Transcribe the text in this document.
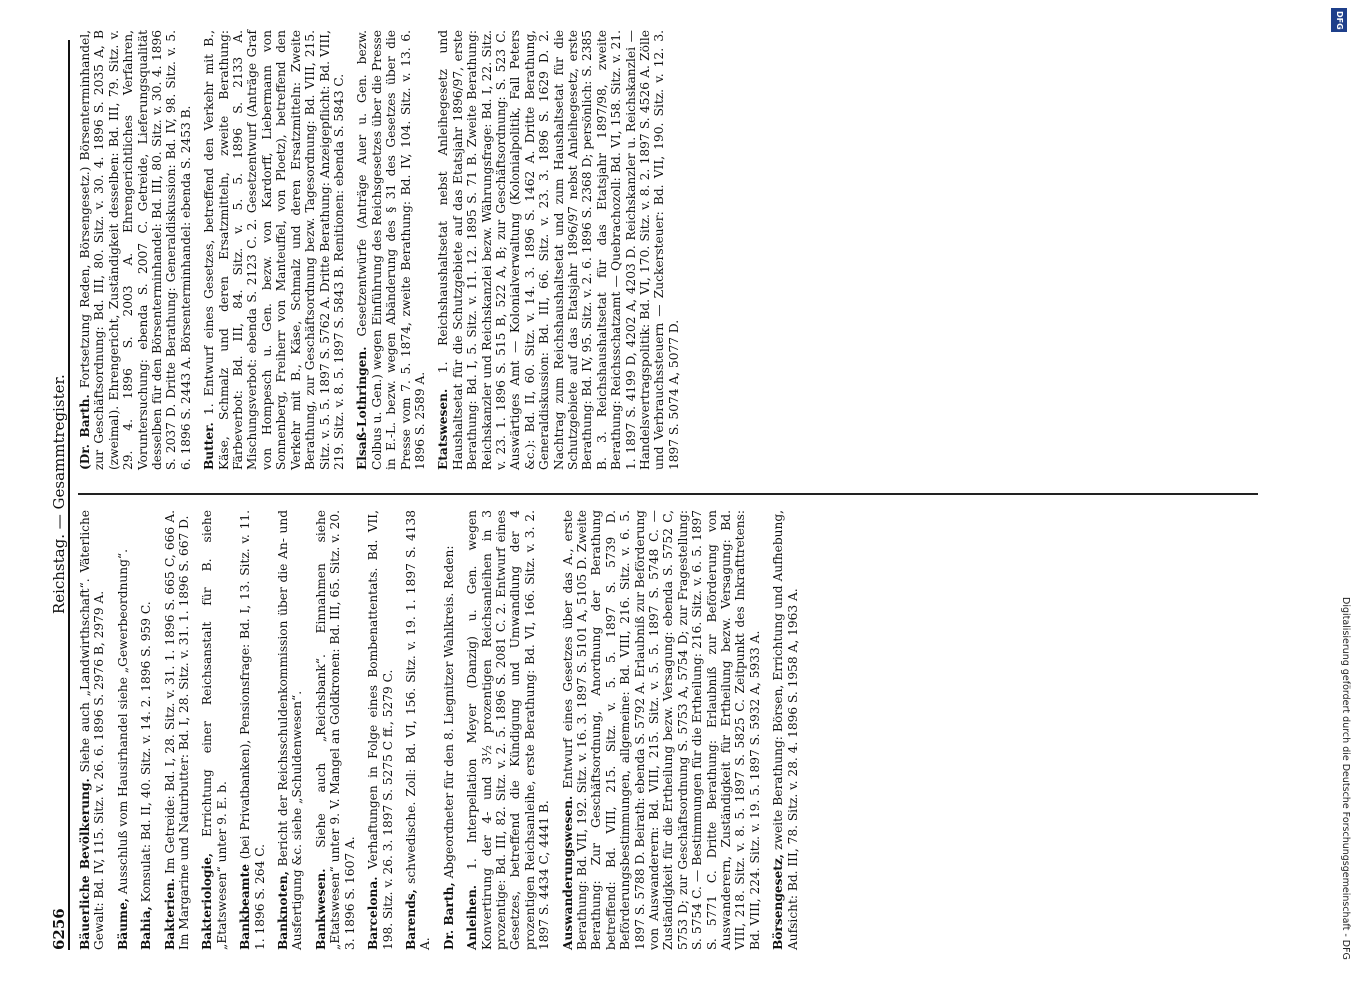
DFG
Digitalisierung gefördert durch die Deutsche Forschungsgemeinschaft - DFG
6256
Reichstag. — Gesammtregister.
Bäuerliche Bevölkerung. Siehe auch „Landwirthschaft“. Väterliche Gewalt: Bd. IV, 115. Sitz. v. 26. 6. 1896 S. 2976 B, 2979 A. Bäume, Ausschluß vom Hausirhandel siehe „Gewerbeordnung“.
Bahia, Konsulat: Bd. II, 40. Sitz. v. 14. 2. 1896 S. 959 C.
Bakterien. Im Getreide: Bd. I, 28. Sitz. v. 31. 1. 1896 S. 665 C, 666 A. Im Margarine und Naturbutter: Bd. I, 28. Sitz. v. 31. 1. 1896 S. 667 D. Bakteriologie, Errichtung einer Reichsanstalt für B. siehe „Etatswesen“ unter 9. E. b. Bankbeamte (bei Privatbanken), Pensionsfrage: Bd. I, 13. Sitz. v. 11. 1. 1896 S. 264 C. Banknoten, Bericht der Reichsschuldenkommission über die An- und Ausfertigung &c. siehe „Schuldenwesen“. Bankwesen. Siehe auch „Reichsbank“. Einnahmen siehe „Etatswesen“ unter 9. V. Mangel an Goldkronen: Bd. III, 65. Sitz. v. 20. 3. 1896 S. 1607 A. Barcelona. Verhaftungen in Folge eines Bombenattentats. Bd. VII, 198. Sitz. v. 26. 3. 1897 S. 5275 C ff., 5279 C. Barends, schwedische. Zoll: Bd. VI, 156. Sitz. v. 19. 1. 1897 S. 4138 A. Dr. Barth, Abgeordneter für den 8. Liegnitzer Wahlkreis. Reden:
Anleihen. 1. Interpellation Meyer (Danzig) u. Gen. wegen Konvertirung der 4- und 3½ prozentigen Reichsanleihen in 3 prozentige: Bd. III, 82. Sitz. v. 2. 5. 1896 S. 2081 C. 2. Entwurf eines Gesetzes, betreffend die Kündigung und Umwandlung der 4 prozentigen Reichsanleihe, erste Berathung: Bd. VI, 166. Sitz. v. 3. 2. 1897 S. 4434 C, 4441 B. Auswanderungswesen. Entwurf eines Gesetzes über das A., erste Berathung: Bd. VII, 192. Sitz. v. 16. 3. 1897 S. 5101 A, 5105 D. Zweite Berathung: Zur Geschäftsordnung, Anordnung der Berathung betreffend: Bd. VIII, 215. Sitz. v. 5. 5. 1897 S. 5739 D. Beförderungsbestimmungen, allgemeine: Bd. VIII, 216. Sitz. v. 6. 5. 1897 S. 5788 D. Beirath: ebenda S. 5792 A. Erlaubniß zur Beförderung von Auswanderern: Bd. VIII, 215. Sitz. v. 5. 5. 1897 S. 5748 C. — Zuständigkeit für die Ertheilung bezw. Versagung: ebenda S. 5752 C, 5753 D; zur Geschäftsordnung S. 5753 A, 5754 D; zur Fragestellung: S. 5754 C. — Bestimmungen für die Ertheilung: 216. Sitz. v. 6. 5. 1897 S. 5771 C. Dritte Berathung: Erlaubniß zur Beförderung von Auswanderern, Zuständigkeit für Ertheilung bezw. Versagung: Bd. VIII, 218. Sitz. v. 8. 5. 1897 S. 5825 C. Zeitpunkt des Inkrafttretens: Bd. VIII, 224. Sitz. v. 19. 5. 1897 S. 5932 A, 5933 A. Börsengesetz, zweite Berathung: Börsen, Errichtung und Aufhebung, Aufsicht: Bd. III, 78. Sitz. v. 28. 4. 1896 S. 1958 A, 1963 A.
(Dr. Barth. Fortsetzung Reden, Börsengesetz.) Börsenterminhandel, zur Geschäftsordnung: Bd. III, 80. Sitz. v. 30. 4. 1896 S. 2035 A, B (zweimal). Ehrengericht, Zuständigkeit desselben: Bd. III, 79. Sitz. v. 29. 4. 1896 S. 2003 A. Ehrengerichtliches Verfahren, Voruntersuchung: ebenda S. 2007 C. Getreide, Lieferungsqualität desselben für den Börsenterminhandel: Bd. III, 80. Sitz. v. 30. 4. 1896 S. 2037 D. Dritte Berathung: Generaldiskussion: Bd. IV, 98. Sitz. v. 5. 6. 1896 S. 2443 A. Börsenterminhandel: ebenda S. 2453 B. Butter. 1. Entwurf eines Gesetzes, betreffend den Verkehr mit B., Käse, Schmalz und deren Ersatzmitteln, zweite Berathung: Färbeverbot: Bd. III, 84. Sitz. v. 5. 5. 1896 S. 2133 A. Mischungsverbot: ebenda S. 2123 C. 2. Gesetzentwurf (Anträge Graf von Hompesch u. Gen. bezw. von Kardorff, Liebermann von Sonnenberg, Freiherr von Manteuffel, von Ploetz), betreffend den Verkehr mit B., Käse, Schmalz und deren Ersatzmitteln: Zweite Berathung, zur Geschäftsordnung bezw. Tagesordnung: Bd. VIII, 215. Sitz. v. 5. 5. 1897 S. 5762 A. Dritte Berathung: Anzeigepflicht: Bd. VIII, 219. Sitz. v. 8. 5. 1897 S. 5843 B. Renitionen: ebenda S. 5843 C. Elsaß-Lothringen. Gesetzentwürfe (Anträge Auer u. Gen. bezw. Colbus u. Gen.) wegen Einführung des Reichsgesetzes über die Presse in E.-L. bezw. wegen Abänderung des § 31 des Gesetzes über die Presse vom 7. 5. 1874, zweite Berathung: Bd. IV, 104. Sitz. v. 13. 6. 1896 S. 2589 A. Etatswesen. 1. Reichshaushaltsetat nebst Anleihegesetz und Haushaltsetat für die Schutzgebiete auf das Etatsjahr 1896/97, erste Berathung: Bd. I, 5. Sitz. v. 11. 12. 1895 S. 71 B. Zweite Berathung: Reichskanzler und Reichskanzlei bezw. Währungsfrage: Bd. I, 22. Sitz. v. 23. 1. 1896 S. 515 B, 522 A, B; zur Geschäftsordnung: S. 523 C. Auswärtiges Amt — Kolonialverwaltung (Kolonialpolitik, Fall Peters &c.): Bd. II, 60. Sitz. v. 14. 3. 1896 S. 1462 A. Dritte Berathung, Generaldiskussion: Bd. III, 66. Sitz. v. 23. 3. 1896 S. 1629 D. 2. Nachtrag zum Reichshaushaltsetat und zum Haushaltsetat für die Schutzgebiete auf das Etatsjahr 1896/97 nebst Anleihegesetz, erste Berathung: Bd. IV, 95. Sitz. v. 2. 6. 1896 S. 2368 D; persönlich: S. 2385 B. 3. Reichshaushaltsetat für das Etatsjahr 1897/98, zweite Berathung: Reichsschatzamt — Quebrachozoll: Bd. VI, 158. Sitz. v. 21. 1. 1897 S. 4199 D, 4202 A, 4203 D. Reichskanzler u. Reichskanzlei — Handelsvertragspolitik: Bd. VI, 170. Sitz. v. 8. 2. 1897 S. 4526 A. Zölle und Verbrauchssteuern — Zuckersteuer: Bd. VII, 190. Sitz. v. 12. 3. 1897 S. 5074 A, 5077 D.
